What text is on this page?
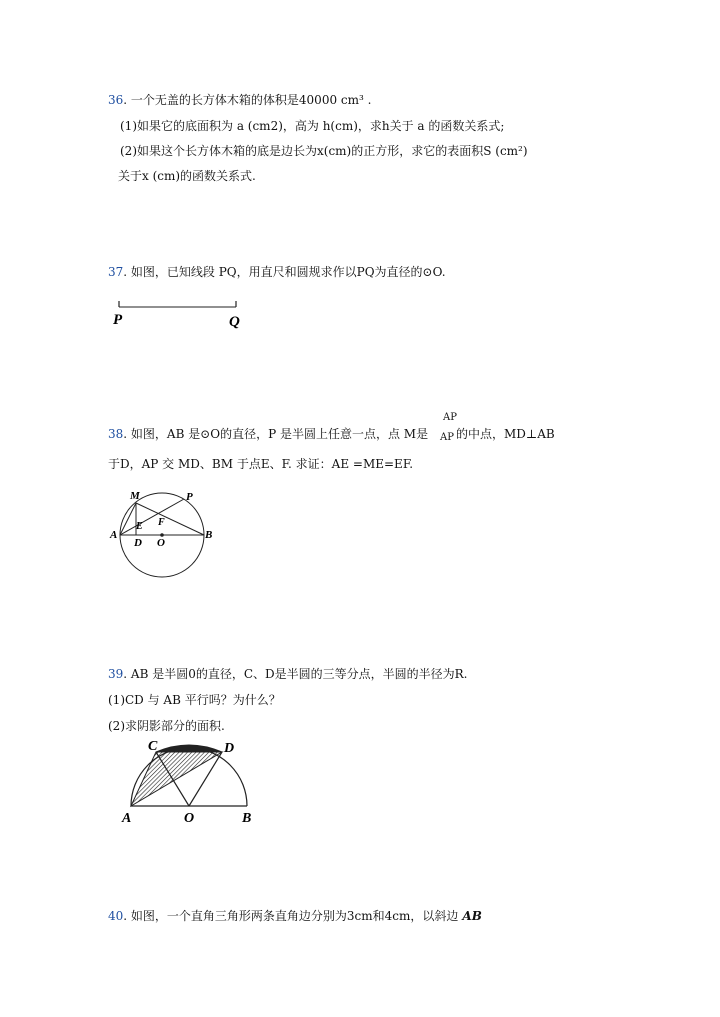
36. 一个无盖的长方体木箱的体积是40000 cm³ .
(1)如果它的底面积为 a (cm2)，高为 h(cm)，求h关于 a 的函数关系式;
(2)如果这个长方体木箱的底是边长为x(cm)的正方形，求它的表面积S (cm²)
关于x (cm)的函数关系式.
37. 如图，已知线段 PQ，用直尺和圆规求作以PQ为直径的⊙O.
P	Q
38. 如图，AB 是⊙O的直径，P 是半圆上任意一点，点 M是
AP
AP 的中点，MD⊥AB
于D，AP 交 MD、BM 于点E、F. 求证：AE =ME=EF.
M	P
A	B
E F
D O
39. AB 是半圆0的直径，C、D是半圆的三等分点，半圆的半径为R.
(1)CD 与 AB 平行吗？为什么？
(2)求阴影部分的面积.
C	D
A	O	B
40. 如图，一个直角三角形两条直角边分别为3cm和4cm，以斜边 AB
